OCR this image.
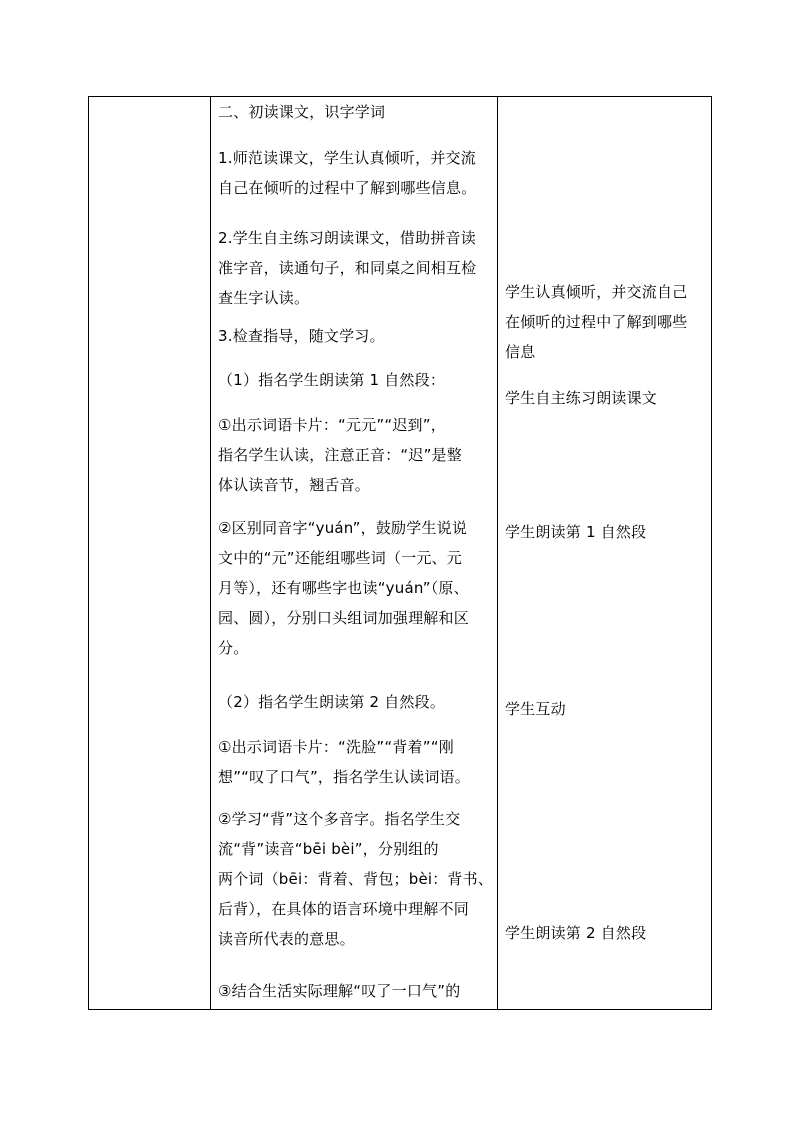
二、初读课文，识字学词
1.师范读课文，学生认真倾听，并交流
自己在倾听的过程中了解到哪些信息。
2.学生自主练习朗读课文，借助拼音读
准字音，读通句子，和同桌之间相互检
查生字认读。
3.检查指导，随文学习。
（1）指名学生朗读第 1 自然段：
①出示词语卡片：“元元”“迟到”，
指名学生认读，注意正音：“迟”是整
体认读音节，翘舌音。
②区别同音字“yuán”，鼓励学生说说
文中的“元”还能组哪些词（一元、元
月等），还有哪些字也读“yuán”（原、
园、圆），分别口头组词加强理解和区
分。
（2）指名学生朗读第 2 自然段。
①出示词语卡片：“洗脸”“背着”“刚
想”“叹了口气”，指名学生认读词语。
②学习“背”这个多音字。指名学生交
流“背”读音“bēi bèi”，分别组的
两个词（bēi：背着、背包；bèi：背书、
后背），在具体的语言环境中理解不同
读音所代表的意思。
③结合生活实际理解“叹了一口气”的
学生认真倾听，并交流自己
在倾听的过程中了解到哪些
信息
学生自主练习朗读课文
学生朗读第 1 自然段
学生互动
学生朗读第 2 自然段
